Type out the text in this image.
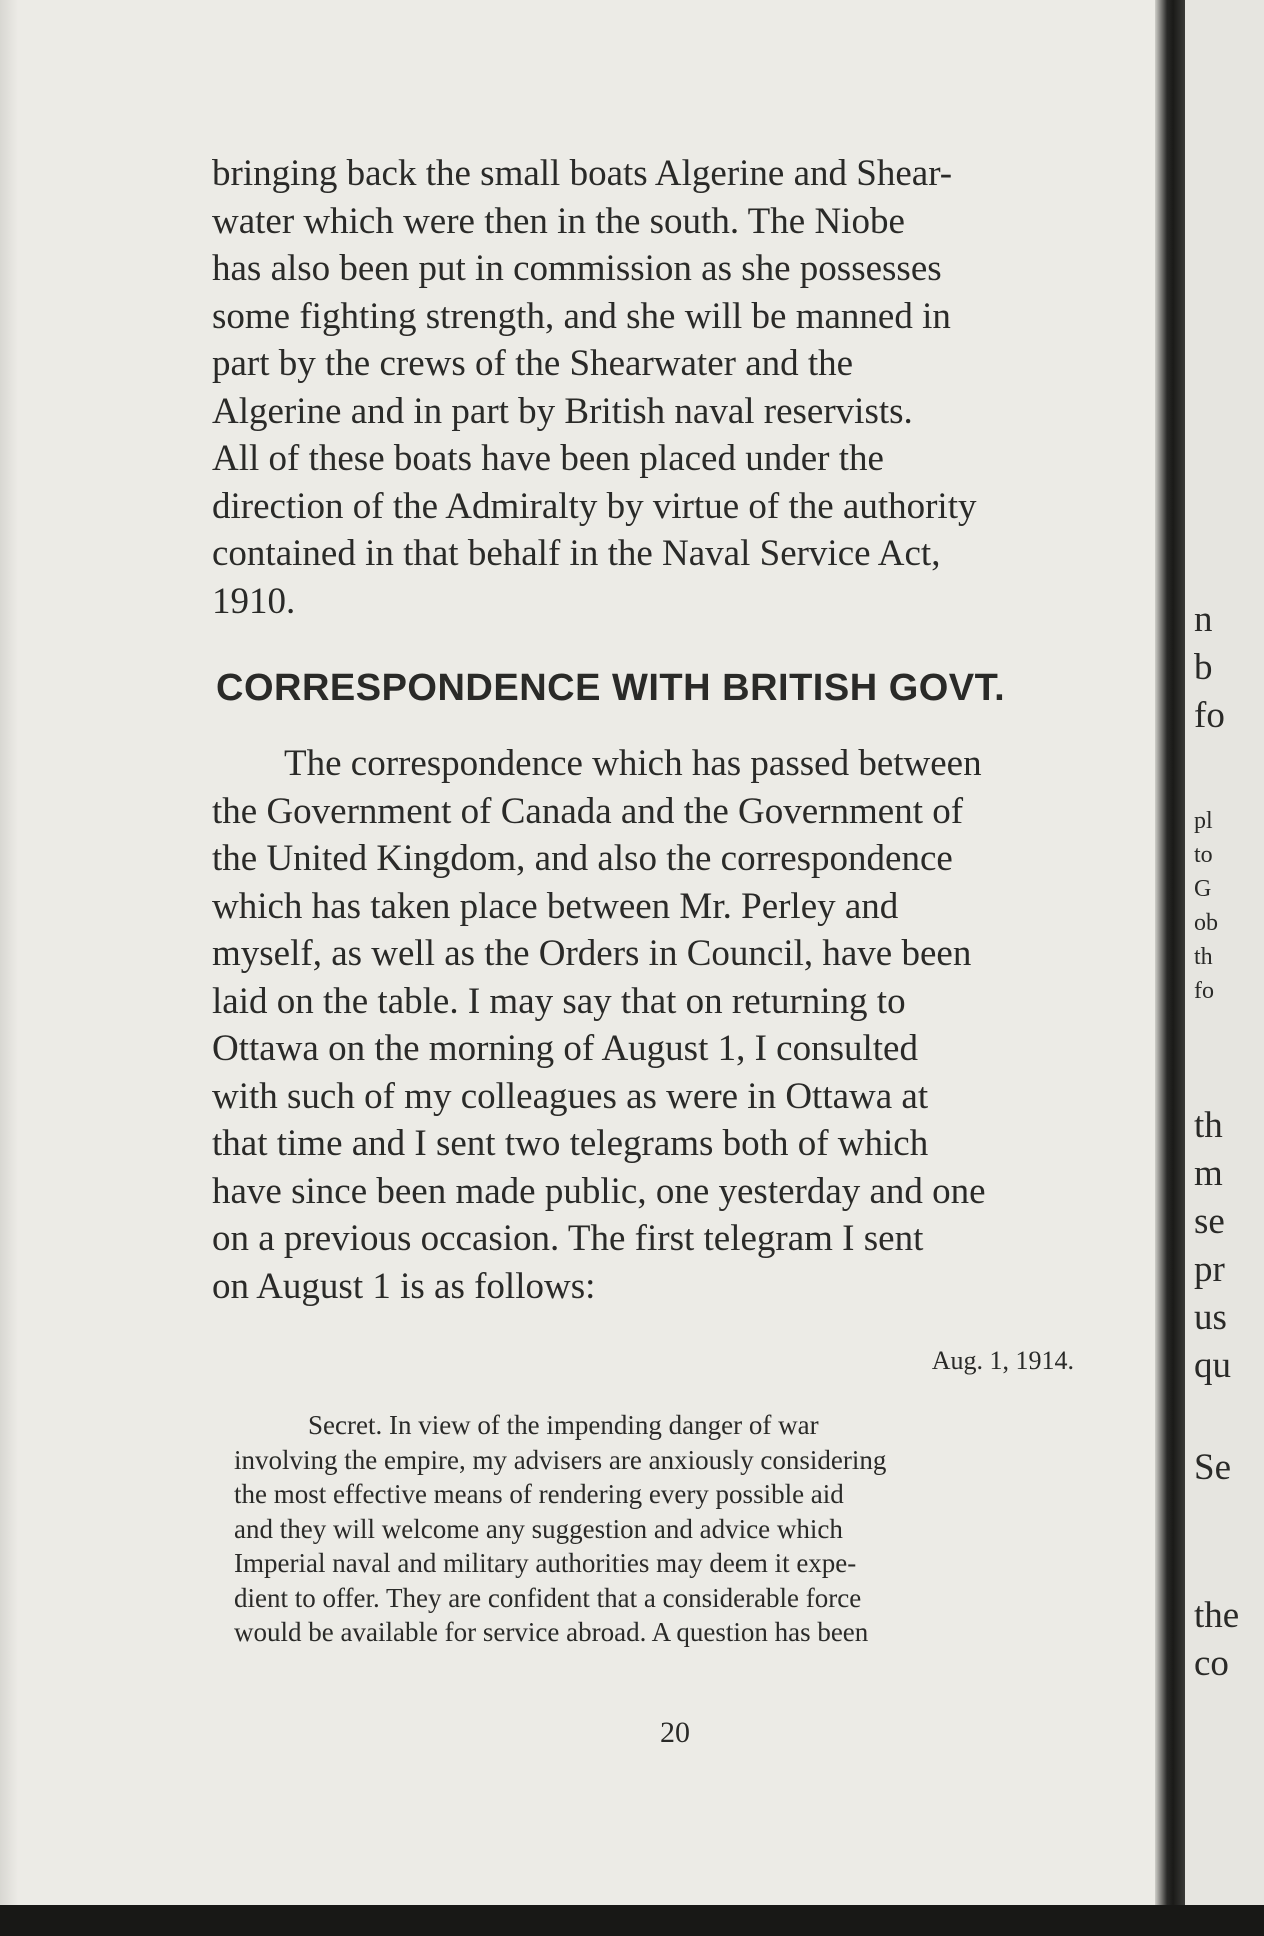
bringing back the small boats Algerine and Shear-
water which were then in the south. The Niobe
has also been put in commission as she possesses
some fighting strength, and she will be manned in
part by the crews of the Shearwater and the
Algerine and in part by British naval reservists.
All of these boats have been placed under the
direction of the Admiralty by virtue of the authority
contained in that behalf in the Naval Service Act,
1910.

CORRESPONDENCE WITH BRITISH GOVT.

The correspondence which has passed between
the Government of Canada and the Government of
the United Kingdom, and also the correspondence
which has taken place between Mr. Perley and
myself, as well as the Orders in Council, have been
laid on the table. I may say that on returning to
Ottawa on the morning of August 1, I consulted
with such of my colleagues as were in Ottawa at
that time and I sent two telegrams both of which
have since been made public, one yesterday and one
on a previous occasion. The first telegram I sent
on August 1 is as follows:

Aug. 1, 1914.

Secret. In view of the impending danger of war
involving the empire, my advisers are anxiously considering
the most effective means of rendering every possible aid
and they will welcome any suggestion and advice which
Imperial naval and military authorities may deem it expe-
dient to offer. They are confident that a considerable force
would be available for service abroad. A question has been

20
n
b
fo
pl
to
G
ob
th
fo
th
m
se
pr
us
qu
Se
the
co
